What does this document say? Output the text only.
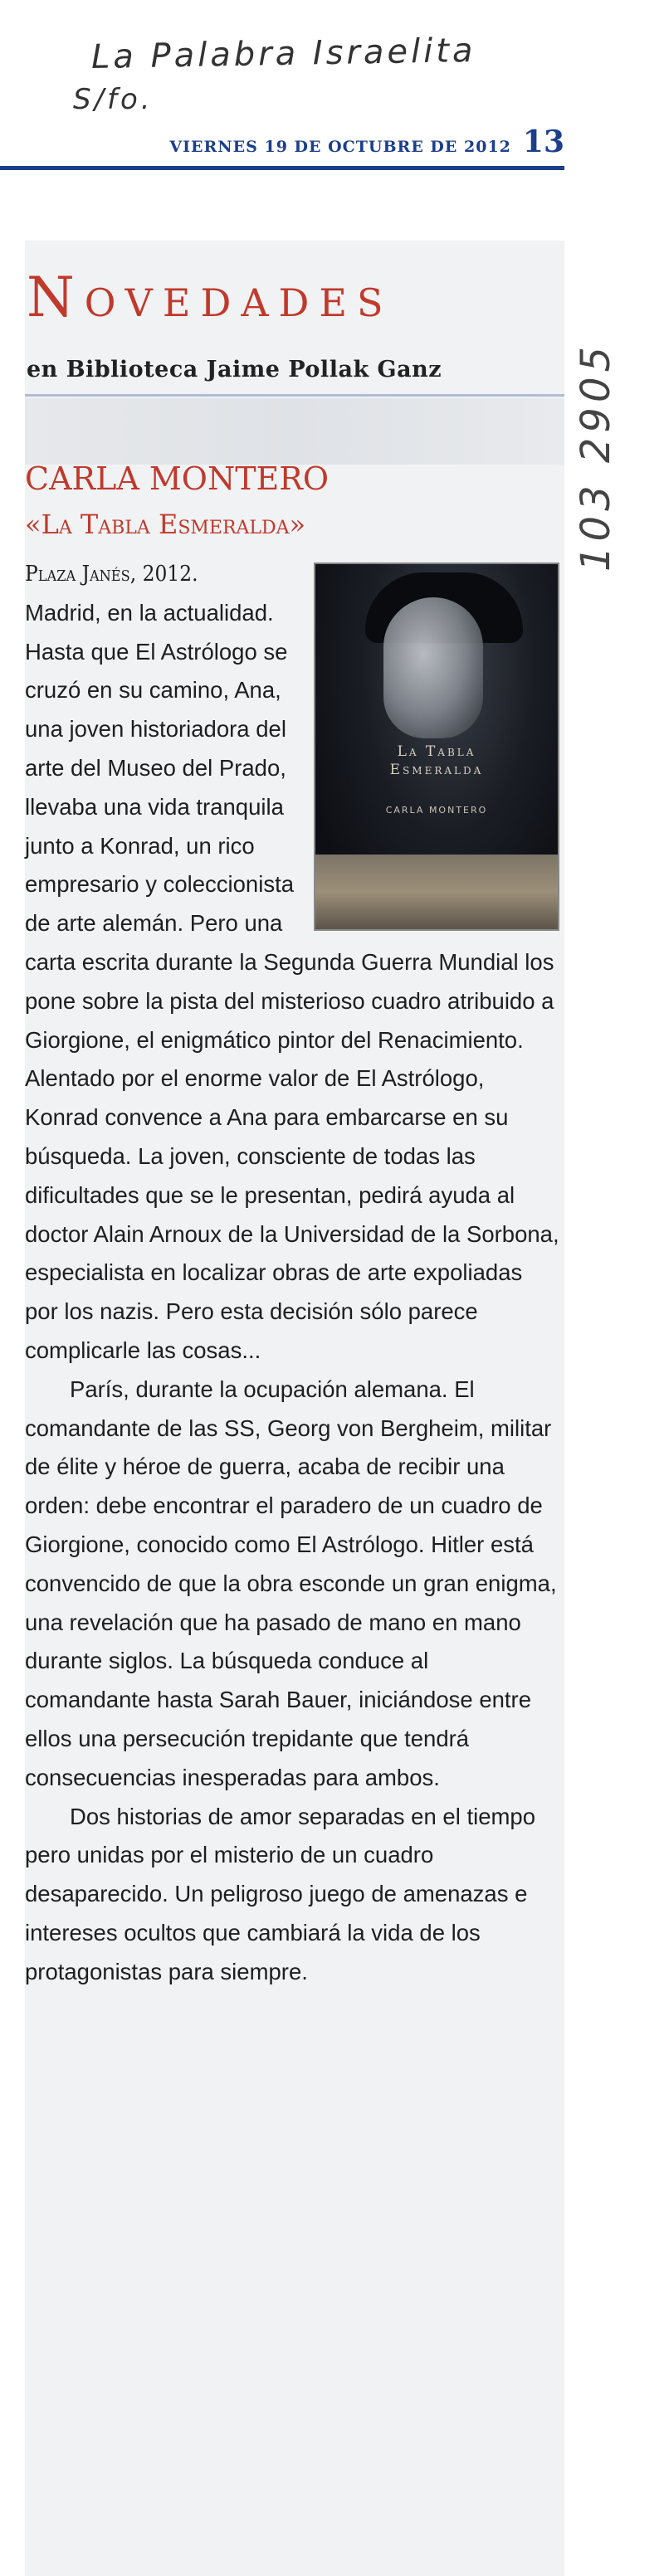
La Palabra Israelita
S/fo.
103 2905
VIERNES 19 DE OCTUBRE DE 2012 13
Novedades
en Biblioteca Jaime Pollak Ganz
CARLA MONTERO
«La Tabla Esmeralda»
La Tabla
Esmeralda
CARLA MONTERO

Plaza Janés, 2012.

Madrid, en la actualidad. Hasta que El Astrólogo se cruzó en su camino, Ana, una joven historiadora del arte del Museo del Prado, llevaba una vida tranquila junto a Konrad, un rico empresario y coleccionista de arte alemán. Pero una carta escrita durante la Segunda Guerra Mundial los pone sobre la pista del misterioso cuadro atribuido a Giorgione, el enigmático pintor del Renacimiento. Alentado por el enorme valor de El Astrólogo, Konrad convence a Ana para embarcarse en su búsqueda. La joven, consciente de todas las dificultades que se le presentan, pedirá ayuda al doctor Alain Arnoux de la Universidad de la Sorbona, especialista en localizar obras de arte expoliadas por los nazis. Pero esta decisión sólo parece complicarle las cosas...

París, durante la ocupación alemana. El comandante de las SS, Georg von Bergheim, militar de élite y héroe de guerra, acaba de recibir una orden: debe encontrar el paradero de un cuadro de Giorgione, conocido como El Astrólogo. Hitler está convencido de que la obra esconde un gran enigma, una revelación que ha pasado de mano en mano durante siglos. La búsqueda conduce al comandante hasta Sarah Bauer, iniciándose entre ellos una persecución trepidante que tendrá consecuencias inesperadas para ambos.

Dos historias de amor separadas en el tiempo pero unidas por el misterio de un cuadro desaparecido. Un peligroso juego de amenazas e intereses ocultos que cambiará la vida de los protagonistas para siempre.
